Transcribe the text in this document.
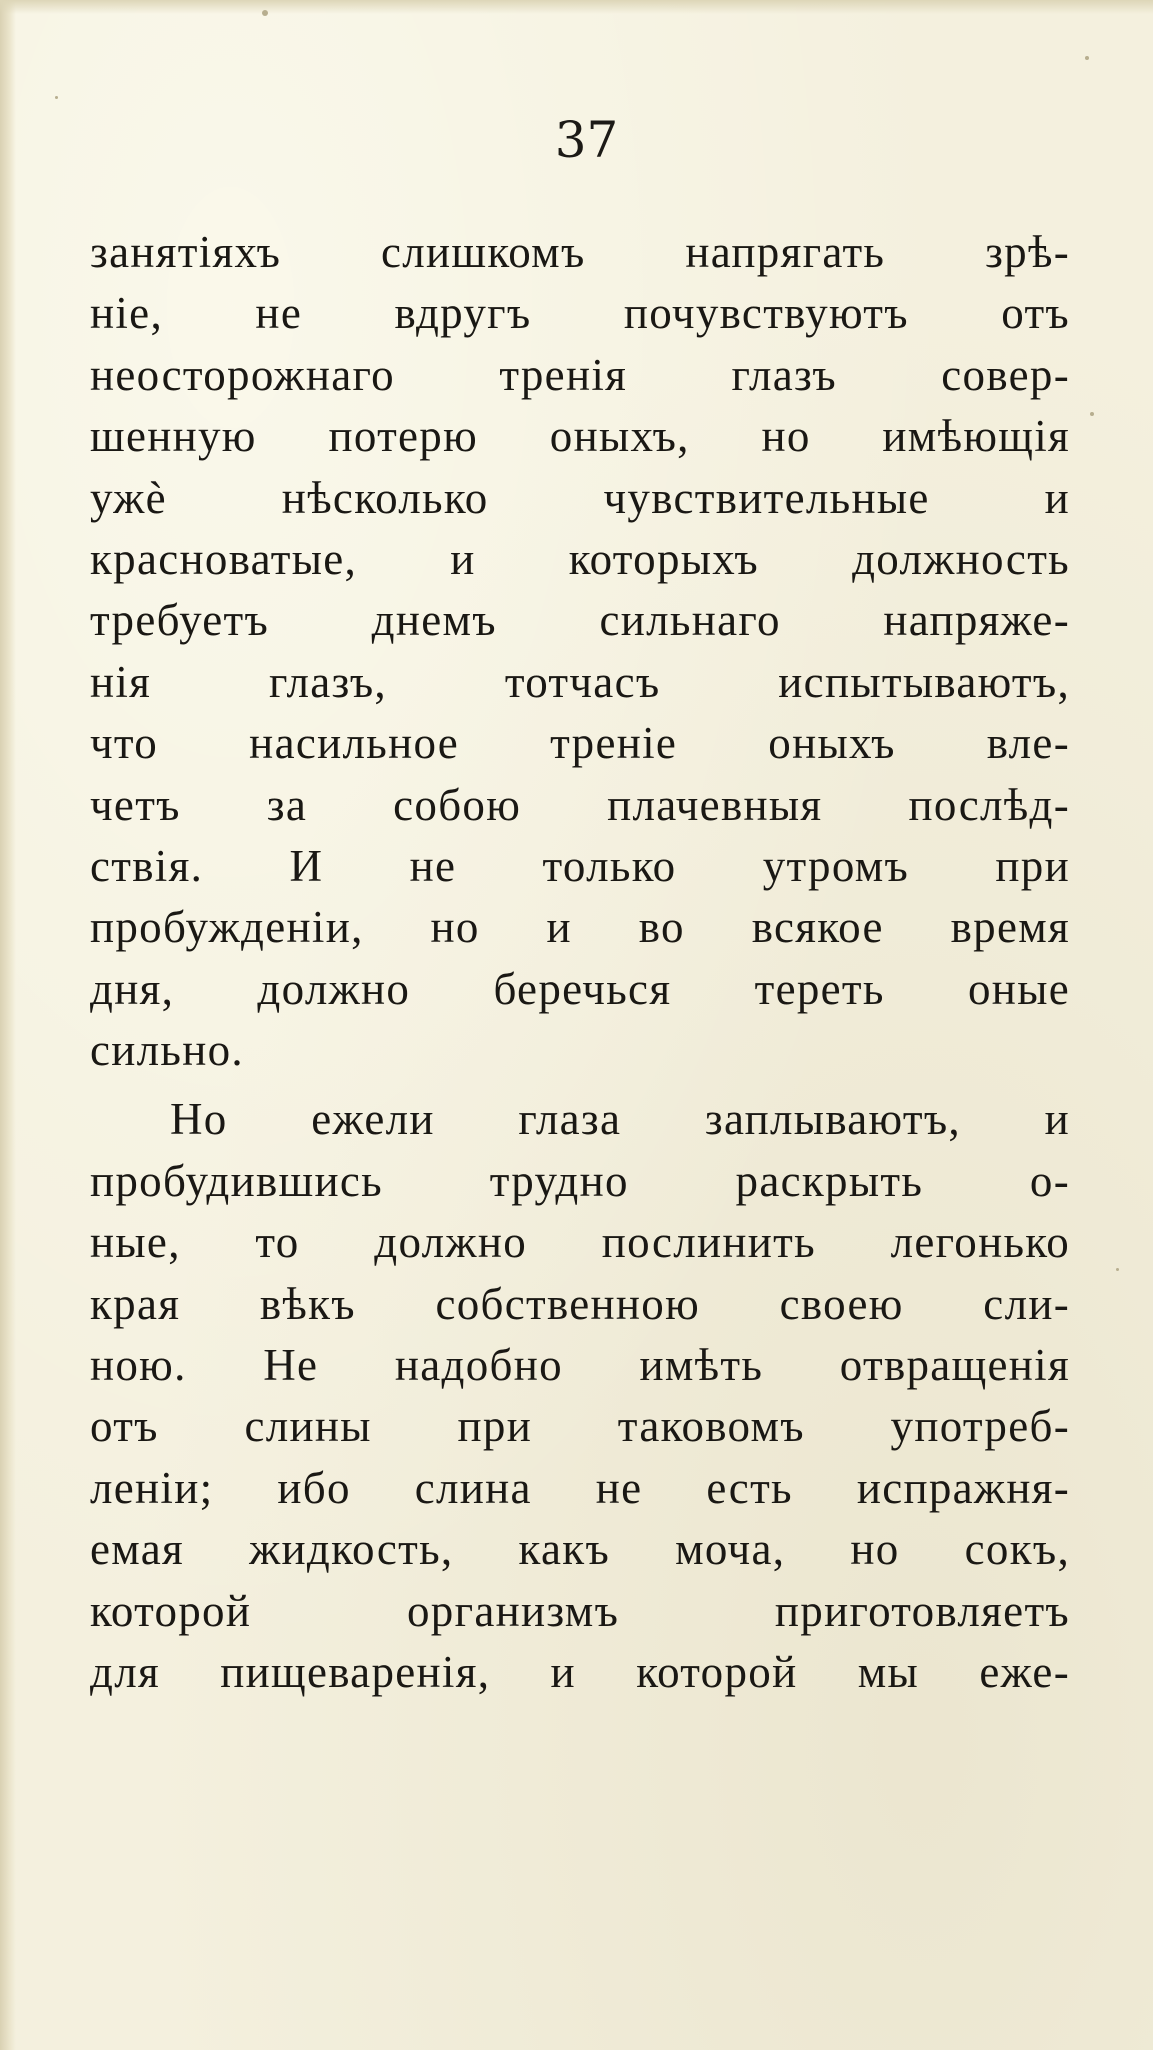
37
занятіяхъ слишкомъ напрягать зрѣ-
ніе, не вдругъ почувствуютъ отъ
неосторожнаго тренія глазъ совер-
шенную потерю оныхъ, но имѣющія
ужѐ нѣсколько чувствительные и
красноватые, и которыхъ должность
требуетъ днемъ сильнаго напряже-
нія глазъ, тотчасъ испытываютъ,
что насильное треніе оныхъ вле-
четъ за собою плачевныя послѣд-
ствія. И не только утромъ при
пробужденіи, но и во всякое время
дня, должно беречься тереть оные
сильно.
Но ежели глаза заплываютъ, и
пробудившись трудно раскрыть о-
ные, то должно послинить легонько
края вѣкъ собственною своею сли-
ною. Не надобно имѣть отвращенія
отъ слины при таковомъ употреб-
леніи; ибо слина не есть испражня-
емая жидкость, какъ моча, но сокъ,
которой организмъ приготовляетъ
для пищеваренія, и которой мы еже-
